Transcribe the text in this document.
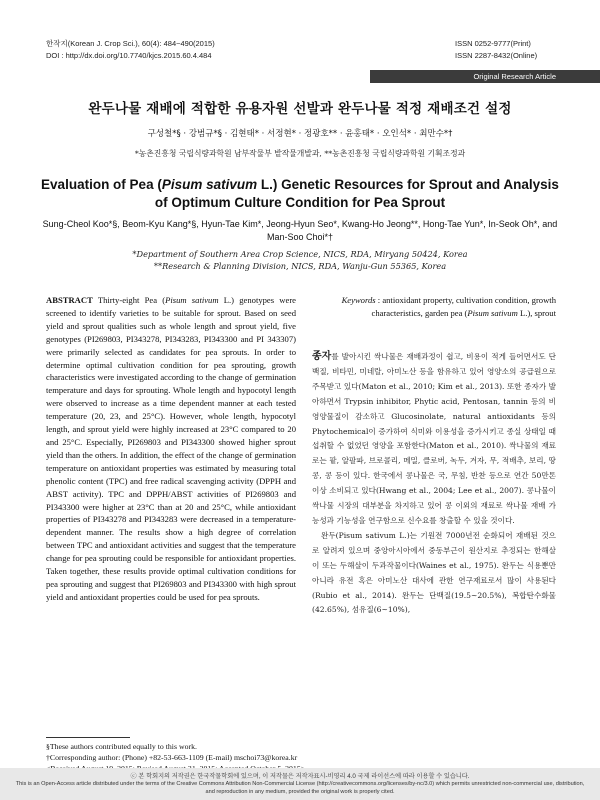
한작지(Korean J. Crop Sci.), 60(4): 484~490(2015)
DOI : http://dx.doi.org/10.7740/kjcs.2015.60.4.484
ISSN 0252-9777(Print)
ISSN 2287-8432(Online)
Original Research Article
완두나물 재배에 적합한 유용자원 선발과 완두나물 적정 재배조건 설정
구성철*§ · 강범규*§ · 김현태* · 서정현* · 정광호** · 윤홍태* · 오인석* · 최만수*†
*농촌진흥청 국립식량과학원 남부작물부 밭작물개발과, **농촌진흥청 국립식량과학원 기획조정과
Evaluation of Pea (Pisum sativum L.) Genetic Resources for Sprout and Analysis of Optimum Culture Condition for Pea Sprout
Sung-Cheol Koo*§, Beom-Kyu Kang*§, Hyun-Tae Kim*, Jeong-Hyun Seo*, Kwang-Ho Jeong**, Hong-Tae Yun*, In-Seok Oh*, and Man-Soo Choi*†
*Department of Southern Area Crop Science, NICS, RDA, Miryang 50424, Korea
**Research & Planning Division, NICS, RDA, Wanju-Gun 55365, Korea
ABSTRACT Thirty-eight Pea (Pisum sativum L.) genotypes were screened to identify varieties to be suitable for sprout. Based on seed yield and sprout qualities such as whole length and sprout yield, five genotypes (PI269803, PI343278, PI343283, PI343300 and PI 343307) were primarily selected as candidates for pea sprouts. In order to determine optimal cultivation condition for pea sprouting, growth characteristics were investigated according to the change of germination temperature and days for sprouting. Whole length and hypocotyl length were observed to increase as a time dependent manner at each tested temperature (20, 23, and 25°C). However, whole length, hypocotyl length, and sprout yield were highly increased at 23°C compared to 20 and 25°C. Especially, PI269803 and PI343300 showed higher sprout yield than the others. In addition, the effect of the change of germination temperature on antioxidant properties was estimated by measuring total phenolic content (TPC) and free radical scavenging activity (DPPH and ABST activity). TPC and DPPH/ABST activities of PI269803 and PI343300 were higher at 23°C than at 20 and 25°C, while antioxidant properties of PI343278 and PI343283 were decreased in a temperature-dependent manner. The results show a high degree of correlation between TPC and antioxidant activities and suggest that the temperature change for pea sprouting could be responsible for antioxidant properties. Taken together, these results provide optimal cultivation conditions for pea sprouting and suggest that PI269803 and PI343300 with high sprout yield and antioxidant properties could be used for pea sprouts.
Keywords : antioxidant property, cultivation condition, growth characteristics, garden pea (Pisum sativum L.), sprout

종자를 발아시킨 싹나물은 재배과정이 쉽고, 비용이 적게 들어면서도 단백질, 비타민, 미네랄, 아미노산 등을 함유하고 있어 영양소의 공급원으로 주목받고 있다(Maton et al., 2010; Kim et al., 2013). 또한 종자가 발아하면서 Trypsin inhibitor, Phytic acid, Pentosan, tannin 등의 비영양물질이 감소하고 Glucosinolate, natural antioxidants 등의 Phytochemical이 증가하여 식미와 이용성을 증가시키고 종실 상태일 때 섭취할 수 없었던 영양을 포함한다(Maton et al., 2010). 싹나물의 재료로는 팥, 알팔파, 브로콜리, 메밀, 클로버, 녹두, 겨자, 무, 적배추, 보리, 땅콩, 콩 등이 있다. 한국에서 콩나물은 국, 무침, 반찬 등으로 연간 50만톤 이상 소비되고 있다(Hwang et al., 2004; Lee et al., 2007). 콩나물이 싹나물 시장의 대부분을 차지하고 있어 콩 이외의 재료로 싹나물 재배 가능성과 기능성을 연구함으로 신수요를 창출할 수 있을 것이다.

완두(Pisum sativum L.)는 기원전 7000년전 순화되어 재배된 것으로 알려져 있으며 중앙아시아에서 중동부근이 원산지로 추정되는 한해살이 또는 두해살이 두과작물이다(Waines et al., 1975). 완두는 식용뿐만 아니라 유전 혹은 아미노산 대사에 관한 연구재료로서 많이 사용된다(Rubio et al., 2014). 완두는 단백질(19.5~20.5%), 복합탄수화물(42.65%), 섬유질(6~10%),

§These authors contributed equally to this work.
†Corresponding author: (Phone) +82-53-663-1109 (E-mail) mschoi73@korea.kr
ⓒ 본 학회지의 저작권은 한국작물학회에 있으며, 이 저작물은 저작자표시-비영리 4.0 국제 라이선스에 따라 이용할 수 있습니다.
This is an Open-Access article distributed under the terms of the Creative Commons Attribution Non-Commercial License (http://creativecommons.org/licenses/by-nc/3.0) which permits unrestricted non-commercial use, distribution, and reproduction in any medium, provided the original work is properly cited.
